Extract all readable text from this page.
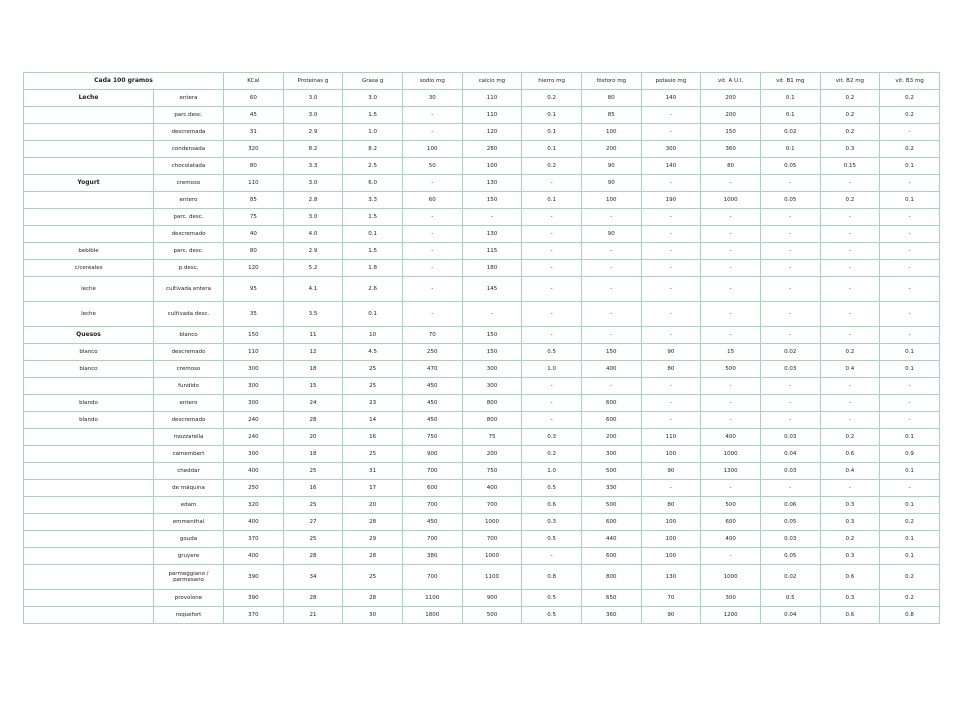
Cada 100 gramos		KCal	Proteinas g	Grasa g	sodio mg	calcio mg	hierro mg	fósforo mg	potasio mg	vit. A U.I.	vit. B1 mg	vit. B2 mg	vit. B3 mg
Leche	entera	60	3.0	3.0	30	110	0.2	80	140	200	0.1	0.2	0.2
	parc.desc.	45	3.0	1.5	-	110	0.1	85	-	200	0.1	0.2	0.2
	descremada	31	2.9	1.0	-	120	0.1	100	-	150	0.02	0.2	-
	condensada	320	8.2	8.2	100	280	0.1	200	300	360	0.1	0.3	0.2
	chocolatada	80	3.3	2.5	50	100	0.2	90	140	80	0.05	0.15	0.1
Yogurt	cremoso	110	3.0	6.0	-	130	-	90	-	-	-	-	-
	entero	85	2.8	3.3	60	150	0.1	100	190	1000	0.05	0.2	0.1
	parc. desc.	75	3.0	1.5	-	-	-	-	-	-	-	-	-
	descremado	40	4.0	0.1	-	130	-	90	-	-	-	-	-
bebible	parc. desc.	80	2.9	1.5	-	115	-	-	-	-	-	-	-
c/cereales	p.desc.	120	5.2	1.8	-	180	-	-	-	-	-	-	-
leche	cultivada entera	95	4.1	2.6	-	145	-	-	-	-	-	-	-
leche	cultivada desc.	35	3.5	0.1	-	-	-	-	-	-	-	-	-
Quesos	blanco	150	11	10	70	150	-	-	-	-	-	-	-
blanco	descremado	110	12	4.5	250	150	0.5	150	90	15	0.02	0.2	0.1
blanco	cremoso	300	18	25	470	300	1.0	400	80	500	0.03	0.4	0.1
	fundido	300	15	25	450	300	-	-	-	-	-	-	-
blando	entero	300	24	23	450	800	-	600	-	-	-	-	-
blando	descremado	240	28	14	450	800	-	600	-	-	-	-	-
	mozzarella	240	20	16	750	75	0.3	200	110	400	0.03	0.2	0.1
	camembert	300	18	25	900	200	0.2	300	100	1000	0.04	0.6	0.9
	cheddar	400	25	31	700	750	1.0	500	90	1300	0.03	0.4	0.1
	de máquina	250	16	17	600	400	0.5	330	-	-	-	-	-
	edam	320	25	20	700	700	0.6	500	80	500	0.06	0.3	0.1
	emmenthal	400	27	28	450	1000	0.3	600	100	600	0.05	0.3	0.2
	gouda	370	25	29	700	700	0.5	440	100	400	0.03	0.2	0.1
	gruyere	400	28	28	380	1000	-	600	100	-	0.05	0.3	0.1
	parmeggiano / parmesano	390	34	25	700	1100	0.8	800	130	1000	0.02	0.6	0.2
	provolone	390	28	28	1100	900	0.5	650	70	300	0.5	0.3	0.2
	roquefort	370	21	30	1800	500	0.5	360	90	1200	0.04	0.6	0.8
